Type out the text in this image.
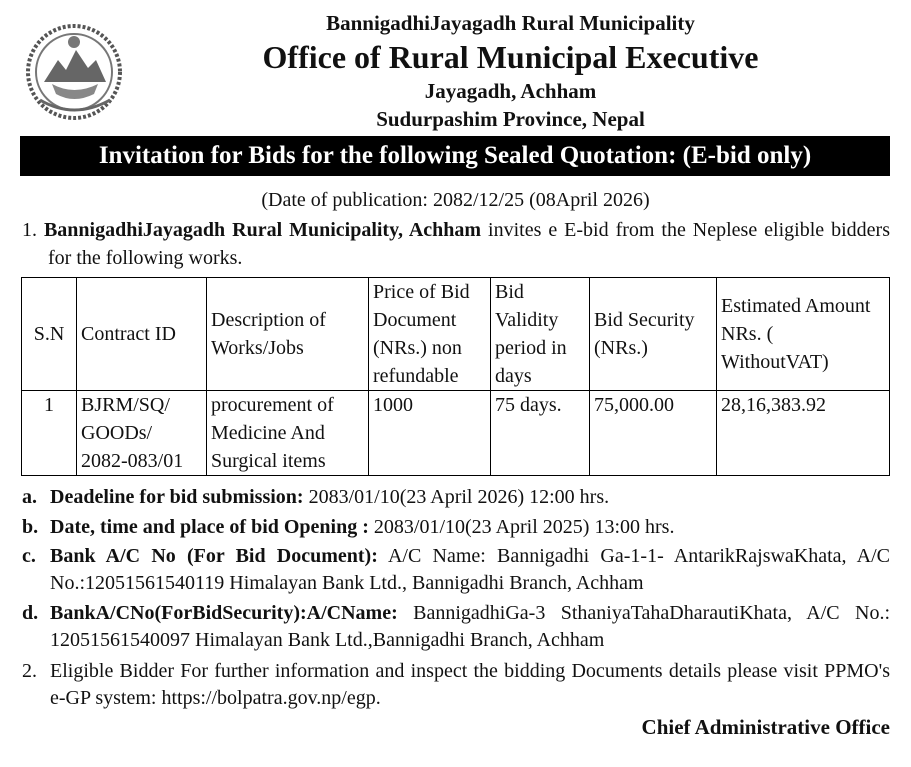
BannigadhiJayagadh Rural Municipality
Office of Rural Municipal Executive
Jayagadh, Achham
Sudurpashim Province, Nepal
Invitation for Bids for the following Sealed Quotation: (E-bid only)
(Date of publication: 2082/12/25 (08April 2026)
1. BannigadhiJayagadh Rural Municipality, Achham invites e E-bid from the Neplese eligible bidders for the following works.

S.N	Contract ID	Description of Works/Jobs	Price of Bid Document (NRs.) non refundable	Bid Validity period in days	Bid Security (NRs.)	Estimated Amount NRs. ( WithoutVAT)
1	BJRM/SQ/ GOODs/ 2082-083/01	procurement of Medicine And Surgical items	1000	75 days.	75,000.00	28,16,383.92
a. Deadeline for bid submission: 2083/01/10(23 April 2026) 12:00 hrs.
b. Date, time and place of bid Opening : 2083/01/10(23 April 2025) 13:00 hrs.
c. Bank A/C No (For Bid Document): A/C Name: Bannigadhi Ga-1-1- AntarikRajswaKhata, A/C No.:12051561540119 Himalayan Bank Ltd., Bannigadhi Branch, Achham
d. BankA/CNo(ForBidSecurity):A/CName: BannigadhiGa-3 SthaniyaTahaDharautiKhata, A/C No.: 12051561540097 Himalayan Bank Ltd.,Bannigadhi Branch, Achham
2. Eligible Bidder For further information and inspect the bidding Documents details please visit PPMO's e-GP system: https://bolpatra.gov.np/egp.
Chief Administrative Office
